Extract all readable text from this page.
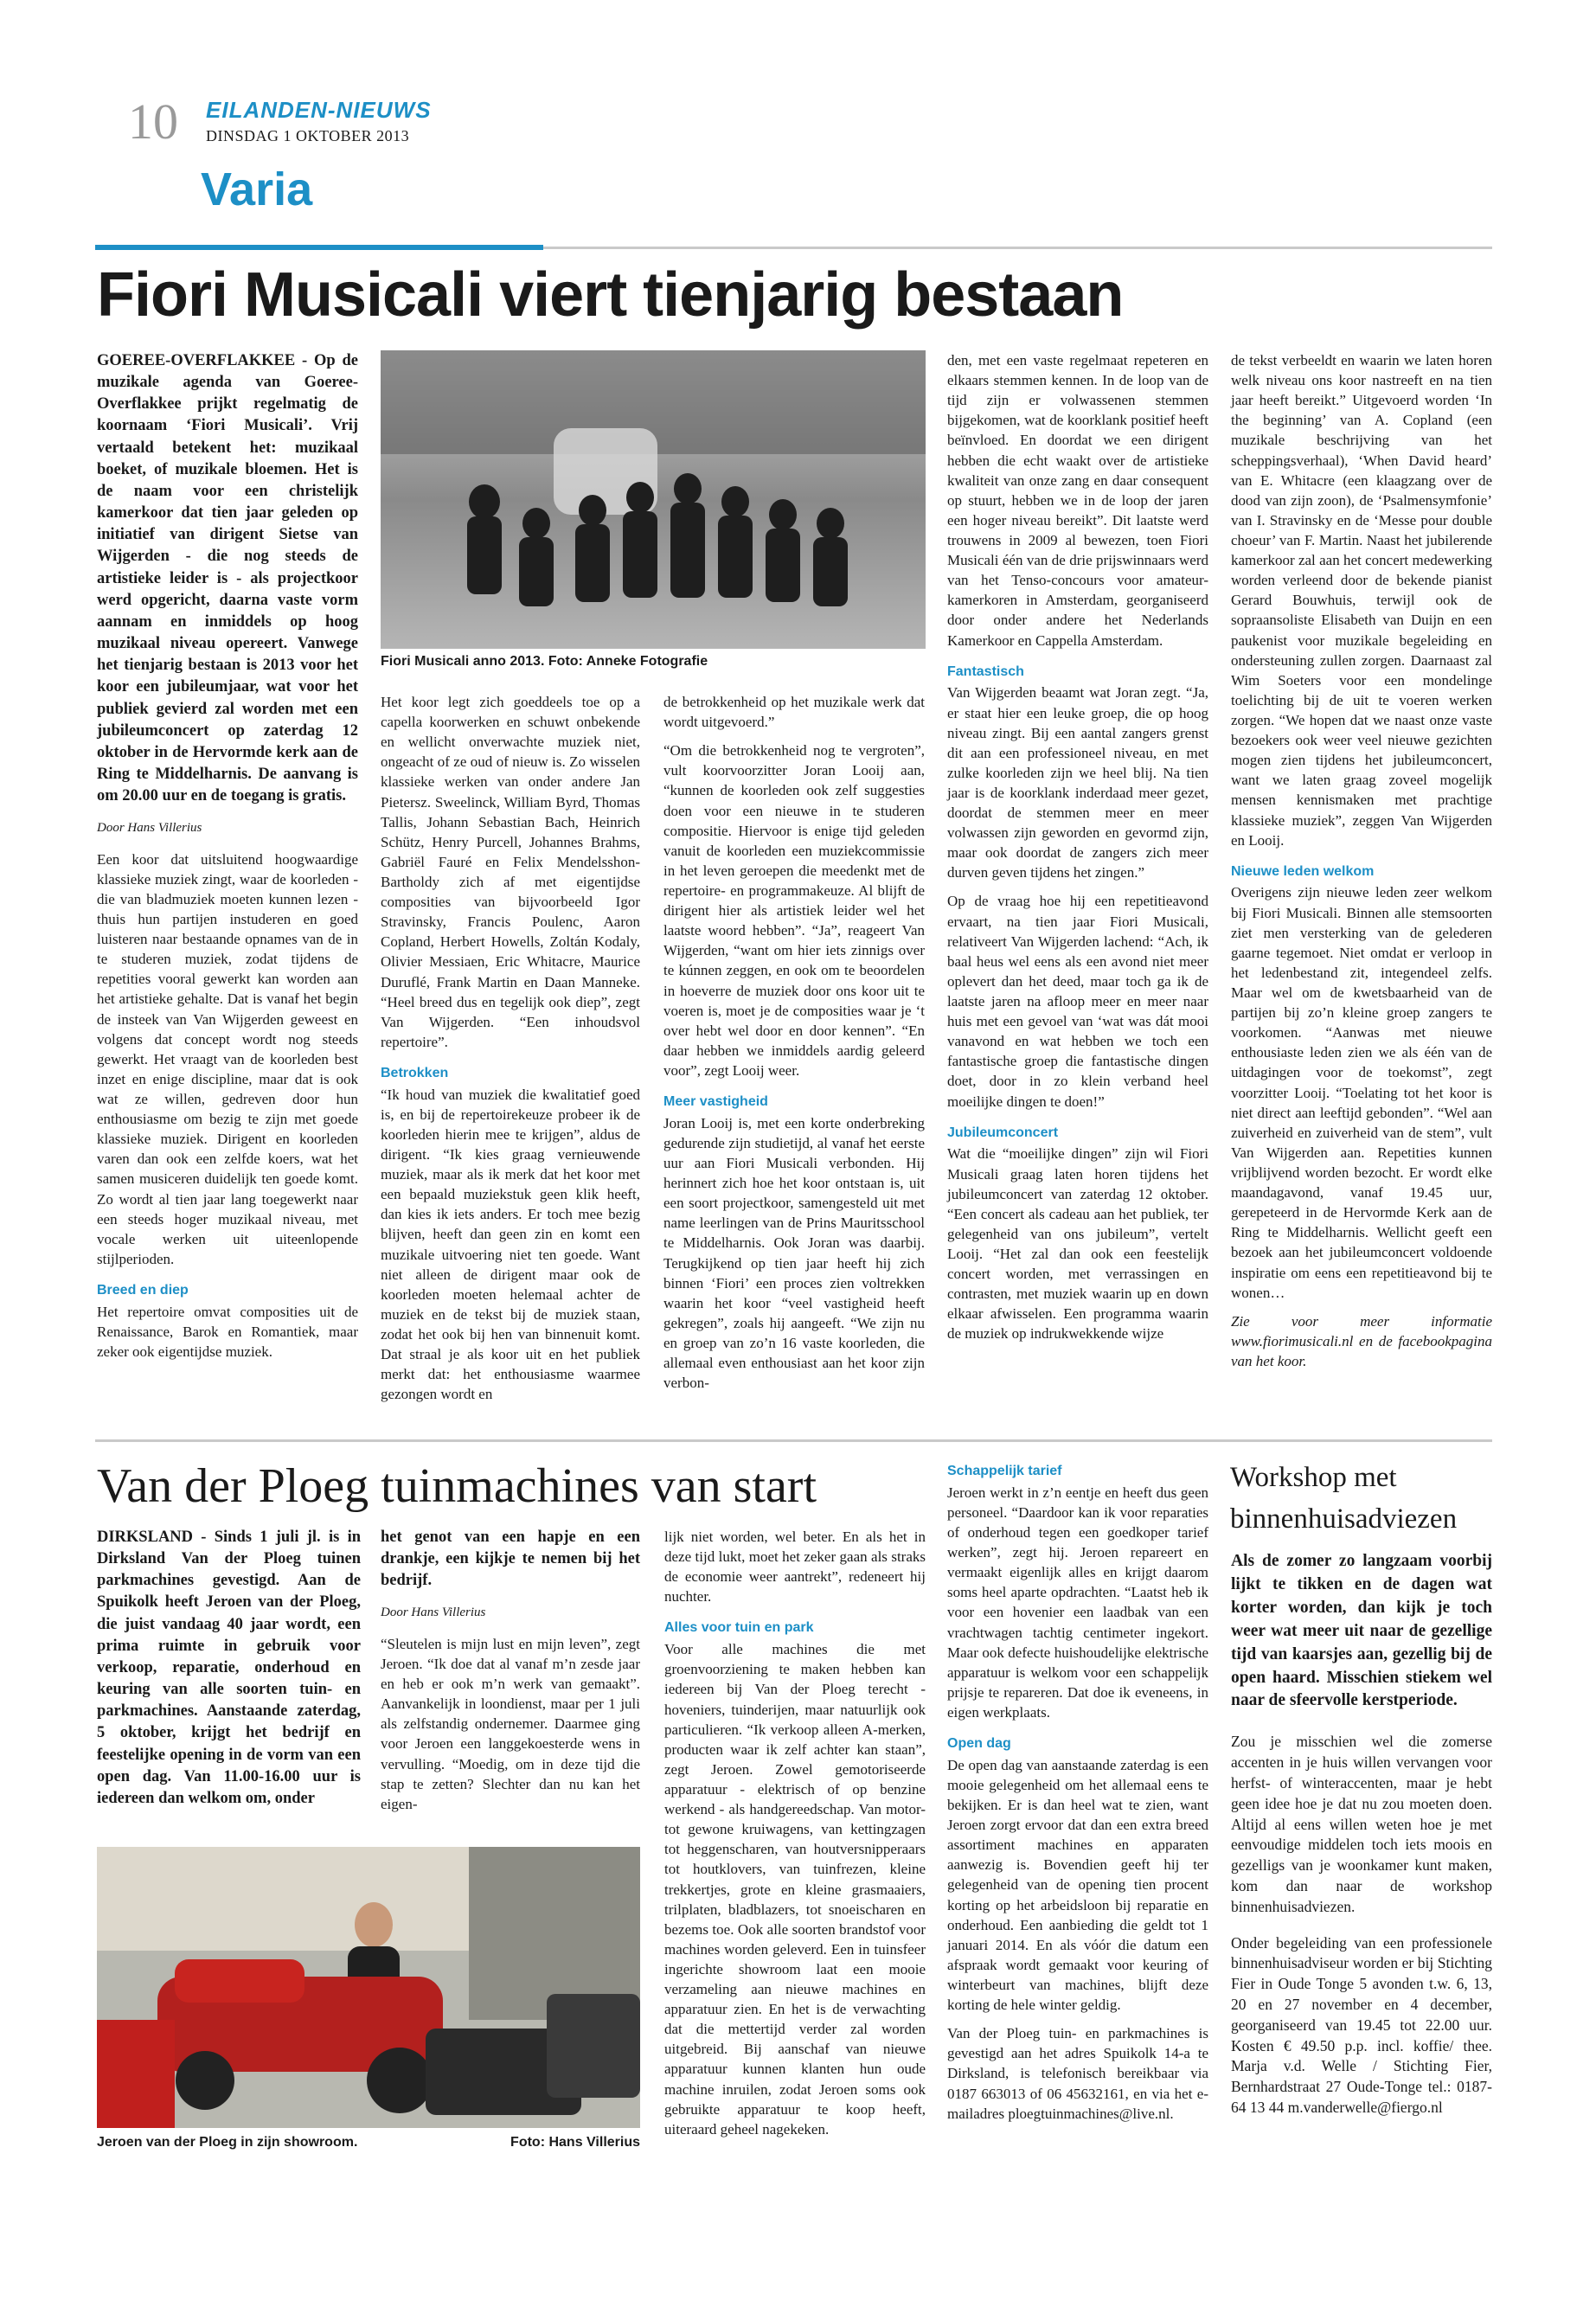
10 EILANDEN-NIEUWS
DINSDAG 1 OKTOBER 2013
Varia
Fiori Musicali viert tienjarig bestaan
GOEREE-OVERFLAKKEE - Op de muzikale agenda van Goeree-Overflakkee prijkt regelmatig de koornaam ‘Fiori Musicali’. Vrij vertaald betekent het: muzikaal boeket, of muzikale bloemen. Het is de naam voor een christelijk kamerkoor dat tien jaar geleden op initiatief van dirigent Sietse van Wijgerden - die nog steeds de artistieke leider is - als projectkoor werd opgericht, daarna vaste vorm aannam en inmiddels op hoog muzikaal niveau opereert. Vanwege het tienjarig bestaan is 2013 voor het koor een jubileumjaar, wat voor het publiek gevierd zal worden met een jubileumconcert op zaterdag 12 oktober in de Hervormde kerk aan de Ring te Middelharnis. De aanvang is om 20.00 uur en de toegang is gratis.
Door Hans Villerius

Een koor dat uitsluitend hoogwaardige klassieke muziek zingt, waar de koorleden - die van bladmuziek moeten kunnen lezen - thuis hun partijen instuderen en goed luisteren naar bestaande opnames van de in te studeren muziek, zodat tijdens de repetities vooral gewerkt kan worden aan het artistieke gehalte. Dat is vanaf het begin de insteek van Van Wijgerden geweest en volgens dat concept wordt nog steeds gewerkt. Het vraagt van de koorleden best inzet en enige discipline, maar dat is ook wat ze willen, gedreven door hun enthousiasme om bezig te zijn met goede klassieke muziek. Dirigent en koorleden varen dan ook een zelfde koers, wat het samen musiceren duidelijk ten goede komt. Zo wordt al tien jaar lang toegewerkt naar een steeds hoger muzikaal niveau, met vocale werken uit uiteenlopende stijlperioden.

Breed en diep

Het repertoire omvat composities uit de Renaissance, Barok en Romantiek, maar zeker ook eigentijdse muziek.

Fiori Musicali anno 2013. Foto: Anneke Fotografie

Het koor legt zich goeddeels toe op a capella koorwerken en schuwt onbekende en wellicht onverwachte muziek niet, ongeacht of ze oud of nieuw is. Zo wisselen klassieke werken van onder andere Jan Pietersz. Sweelinck, William Byrd, Thomas Tallis, Johann Sebastian Bach, Heinrich Schütz, Henry Purcell, Johannes Brahms, Gabriël Fauré en Felix Mendelsshon-Bartholdy zich af met eigentijdse composities van bijvoorbeeld Igor Stravinsky, Francis Poulenc, Aaron Copland, Herbert Howells, Zoltán Kodaly, Olivier Messiaen, Eric Whitacre, Maurice Duruflé, Frank Martin en Daan Manneke. “Heel breed dus en tegelijk ook diep”, zegt Van Wijgerden. “Een inhoudsvol repertoire”.

Betrokken

“Ik houd van muziek die kwalitatief goed is, en bij de repertoirekeuze probeer ik de koorleden hierin mee te krijgen”, aldus de dirigent. “Ik kies graag vernieuwende muziek, maar als ik merk dat het koor met een bepaald muziekstuk geen klik heeft, dan kies ik iets anders. Er toch mee bezig blijven, heeft dan geen zin en komt een muzikale uitvoering niet ten goede. Want niet alleen de dirigent maar ook de koorleden moeten helemaal achter de muziek en de tekst bij de muziek staan, zodat het ook bij hen van binnenuit komt. Dat straal je als koor uit en het publiek merkt dat: het enthousiasme waarmee gezongen wordt en

de betrokkenheid op het muzikale werk dat wordt uitgevoerd.”

“Om die betrokkenheid nog te vergroten”, vult koorvoorzitter Joran Looij aan, “kunnen de koorleden ook zelf suggesties doen voor een nieuwe in te studeren compositie. Hiervoor is enige tijd geleden vanuit de koorleden een muziekcommissie in het leven geroepen die meedenkt met de repertoire- en programmakeuze. Al blijft de dirigent hier als artistiek leider wel het laatste woord hebben”. “Ja”, reageert Van Wijgerden, “want om hier iets zinnigs over te kúnnen zeggen, en ook om te beoordelen in hoeverre de muziek door ons koor uit te voeren is, moet je de composities waar je ‘t over hebt wel door en door kennen”. “En daar hebben we inmiddels aardig geleerd voor”, zegt Looij weer.

Meer vastigheid

Joran Looij is, met een korte onderbreking gedurende zijn studietijd, al vanaf het eerste uur aan Fiori Musicali verbonden. Hij herinnert zich hoe het koor ontstaan is, uit een soort projectkoor, samengesteld uit met name leerlingen van de Prins Mauritsschool te Middelharnis. Ook Joran was daarbij. Terugkijkend op tien jaar heeft hij zich binnen ‘Fiori’ een proces zien voltrekken waarin het koor “veel vastigheid heeft gekregen”, zoals hij aangeeft. “We zijn nu en groep van zo’n 16 vaste koorleden, die allemaal even enthousiast aan het koor zijn verbon-

den, met een vaste regelmaat repeteren en elkaars stemmen kennen. In de loop van de tijd zijn er volwassenen stemmen bijgekomen, wat de koorklank positief heeft beïnvloed. En doordat we een dirigent hebben die echt waakt over de artistieke kwaliteit van onze zang en daar consequent op stuurt, hebben we in de loop der jaren een hoger niveau bereikt”. Dit laatste werd trouwens in 2009 al bewezen, toen Fiori Musicali één van de drie prijswinnaars werd van het Tenso-concours voor amateur-kamerkoren in Amsterdam, georganiseerd door onder andere het Nederlands Kamerkoor en Cappella Amsterdam.

Fantastisch

Van Wijgerden beaamt wat Joran zegt. “Ja, er staat hier een leuke groep, die op hoog niveau zingt. Bij een aantal zangers grenst dit aan een professioneel niveau, en met zulke koorleden zijn we heel blij. Na tien jaar is de koorklank inderdaad meer gezet, doordat de stemmen meer en meer volwassen zijn geworden en gevormd zijn, maar ook doordat de zangers zich meer durven geven tijdens het zingen.”

Op de vraag hoe hij een repetitieavond ervaart, na tien jaar Fiori Musicali, relativeert Van Wijgerden lachend: “Ach, ik baal heus wel eens als een avond niet meer oplevert dan het deed, maar toch ga ik de laatste jaren na afloop meer en meer naar huis met een gevoel van ‘wat was dát mooi vanavond en wat hebben we toch een fantastische groep die fantastische dingen doet, door in zo klein verband heel moeilijke dingen te doen!”

Jubileumconcert

Wat die “moeilijke dingen” zijn wil Fiori Musicali graag laten horen tijdens het jubileumconcert van zaterdag 12 oktober. “Een concert als cadeau aan het publiek, ter gelegenheid van ons jubileum”, vertelt Looij. “Het zal dan ook een feestelijk concert worden, met verrassingen en contrasten, met muziek waarin up en down elkaar afwisselen. Een programma waarin de muziek op indrukwekkende wijze

de tekst verbeeldt en waarin we laten horen welk niveau ons koor nastreeft en na tien jaar heeft bereikt.” Uitgevoerd worden ‘In the beginning’ van A. Copland (een muzikale beschrijving van het scheppingsverhaal), ‘When David heard’ van E. Whitacre (een klaagzang over de dood van zijn zoon), de ‘Psalmensymfonie’ van I. Stravinsky en de ‘Messe pour double choeur’ van F. Martin. Naast het jubilerende kamerkoor zal aan het concert medewerking worden verleend door de bekende pianist Gerard Bouwhuis, terwijl ook de sopraansoliste Elisabeth van Duijn en een paukenist voor muzikale begeleiding en ondersteuning zullen zorgen. Daarnaast zal Wim Soeters voor een mondelinge toelichting bij de uit te voeren werken zorgen. “We hopen dat we naast onze vaste bezoekers ook weer veel nieuwe gezichten mogen zien tijdens het jubileumconcert, want we laten graag zoveel mogelijk mensen kennismaken met prachtige klassieke muziek”, zeggen Van Wijgerden en Looij.

Nieuwe leden welkom

Overigens zijn nieuwe leden zeer welkom bij Fiori Musicali. Binnen alle stemsoorten ziet men versterking van de gelederen gaarne tegemoet. Niet omdat er verloop in het ledenbestand zit, integendeel zelfs. Maar wel om de kwetsbaarheid van de partijen bij zo’n kleine groep zangers te voorkomen. “Aanwas met nieuwe enthousiaste leden zien we als één van de uitdagingen voor de toekomst”, zegt voorzitter Looij. “Toelating tot het koor is niet direct aan leeftijd gebonden”. “Wel aan zuiverheid en zuiverheid van de stem”, vult Van Wijgerden aan. Repetities kunnen vrijblijvend worden bezocht. Er wordt elke maandagavond, vanaf 19.45 uur, gerepeteerd in de Hervormde Kerk aan de Ring te Middelharnis. Wellicht geeft een bezoek aan het jubileumconcert voldoende inspiratie om eens een repetitieavond bij te wonen…

Zie voor meer informatie www.fiorimusicali.nl en de facebookpagina van het koor.

Van der Ploeg tuinmachines van start
DIRKSLAND - Sinds 1 juli jl. is in Dirksland Van der Ploeg tuinen parkmachines gevestigd. Aan de Spuikolk heeft Jeroen van der Ploeg, die juist vandaag 40 jaar wordt, een prima ruimte in gebruik voor verkoop, reparatie, onderhoud en keuring van alle soorten tuin- en parkmachines. Aanstaande zaterdag, 5 oktober, krijgt het bedrijf en feestelijke opening in de vorm van een open dag. Van 11.00-16.00 uur is iedereen dan welkom om, onder
het genot van een hapje en een drankje, een kijkje te nemen bij het bedrijf.
Door Hans Villerius

“Sleutelen is mijn lust en mijn leven”, zegt Jeroen. “Ik doe dat al vanaf m’n zesde jaar en heb er ook m’n werk van gemaakt”. Aanvankelijk in loondienst, maar per 1 juli als zelfstandig ondernemer. Daarmee ging voor Jeroen een langgekoesterde wens in vervulling. “Moedig, om in deze tijd die stap te zetten? Slechter dan nu kan het eigen-

Jeroen van der Ploeg in zijn showroom.	Foto: Hans Villerius

lijk niet worden, wel beter. En als het in deze tijd lukt, moet het zeker gaan als straks de economie weer aantrekt”, redeneert hij nuchter.

Alles voor tuin en park

Voor alle machines die met groenvoorziening te maken hebben kan iedereen bij Van der Ploeg terecht - hoveniers, tuinderijen, maar natuurlijk ook particulieren. “Ik verkoop alleen A-merken, producten waar ik zelf achter kan staan”, zegt Jeroen. Zowel gemotoriseerde apparatuur - elektrisch of op benzine werkend - als handgereedschap. Van motor- tot gewone kruiwagens, van kettingzagen tot heggenscharen, van houtversnipperaars tot houtklovers, van tuinfrezen, kleine trekkertjes, grote en kleine grasmaaiers, trilplaten, bladblazers, tot snoeischaren en bezems toe. Ook alle soorten brandstof voor machines worden geleverd. Een in tuinsfeer ingerichte showroom laat een mooie verzameling aan nieuwe machines en apparatuur zien. En het is de verwachting dat die mettertijd verder zal worden uitgebreid. Bij aanschaf van nieuwe apparatuur kunnen klanten hun oude machine inruilen, zodat Jeroen soms ook gebruikte apparatuur te koop heeft, uiteraard geheel nagekeken.

Schappelijk tarief

Jeroen werkt in z’n eentje en heeft dus geen personeel. “Daardoor kan ik voor reparaties of onderhoud tegen een goedkoper tarief werken”, zegt hij. Jeroen repareert en vermaakt eigenlijk alles en krijgt daarom soms heel aparte opdrachten. “Laatst heb ik voor een hovenier een laadbak van een vrachtwagen tachtig centimeter ingekort. Maar ook defecte huishoudelijke elektrische apparatuur is welkom voor een schappelijk prijsje te repareren. Dat doe ik eveneens, in eigen werkplaats.

Open dag

De open dag van aanstaande zaterdag is een mooie gelegenheid om het allemaal eens te bekijken. Er is dan heel wat te zien, want Jeroen zorgt ervoor dat dan een extra breed assortiment machines en apparaten aanwezig is. Bovendien geeft hij ter gelegenheid van de opening tien procent korting op het arbeidsloon bij reparatie en onderhoud. Een aanbieding die geldt tot 1 januari 2014. En als vóór die datum een afspraak wordt gemaakt voor keuring of winterbeurt van machines, blijft deze korting de hele winter geldig.

Van der Ploeg tuin- en parkmachines is gevestigd aan het adres Spuikolk 14-a te Dirksland, is telefonisch bereikbaar via 0187 663013 of 06 45632161, en via het e-mailadres ploegtuinmachines@live.nl.

Workshop met binnenhuisadviezen
Als de zomer zo langzaam voorbij lijkt te tikken en de dagen wat korter worden, dan kijk je toch weer wat meer uit naar de gezellige tijd van kaarsjes aan, gezellig bij de open haard. Misschien stiekem wel naar de sfeervolle kerstperiode.

Zou je misschien wel die zomerse accenten in je huis willen vervangen voor herfst- of winteraccenten, maar je hebt geen idee hoe je dat nu zou moeten doen. Altijd al eens willen weten hoe je met eenvoudige middelen toch iets moois en gezelligs van je woonkamer kunt maken, kom dan naar de workshop binnenhuisadviezen.

Onder begeleiding van een professionele binnenhuisadviseur worden er bij Stichting Fier in Oude Tonge 5 avonden t.w. 6, 13, 20 en 27 november en 4 december, georganiseerd van 19.45 tot 22.00 uur. Kosten € 49.50 p.p. incl. koffie/ thee. Marja v.d. Welle / Stichting Fier, Bernhardstraat 27 Oude-Tonge tel.: 0187-64 13 44 m.vanderwelle@fiergo.nl
